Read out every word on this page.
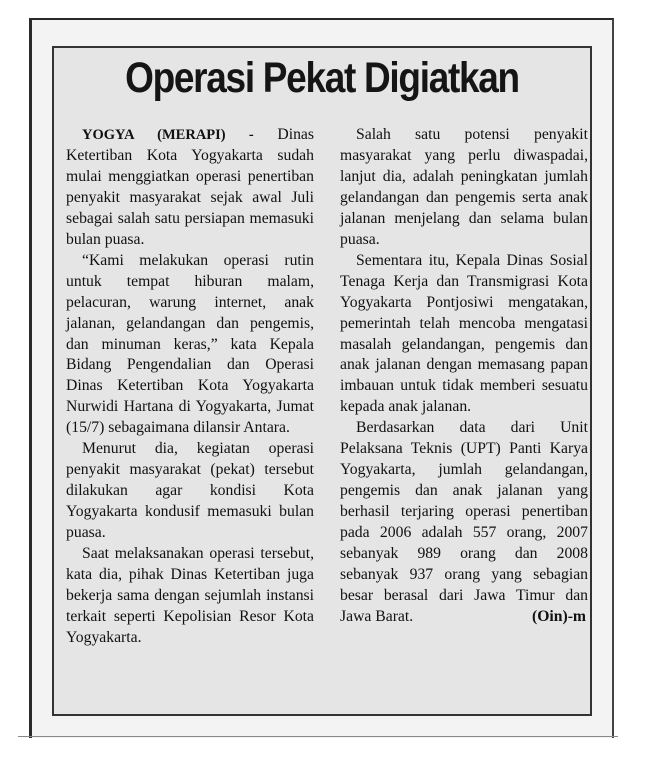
Operasi Pekat Digiatkan

YOGYA (MERAPI) - Dinas Ketertiban Kota Yogyakarta sudah mulai menggiatkan operasi penertiban penyakit masyarakat sejak awal Juli sebagai salah satu persiapan memasuki bulan puasa.

“Kami melakukan operasi rutin untuk tempat hiburan malam, pelacuran, warung internet, anak jalanan, gelandangan dan pengemis, dan minuman keras,” kata Kepala Bidang Pengendalian dan Operasi Dinas Ketertiban Kota Yogyakarta Nurwidi Hartana di Yogyakarta, Jumat (15/7) sebagaimana dilansir Antara.

Menurut dia, kegiatan operasi penyakit masyarakat (pekat) tersebut dilakukan agar kondisi Kota Yogyakarta kondusif memasuki bulan puasa.

Saat melaksanakan operasi tersebut, kata dia, pihak Dinas Ketertiban juga bekerja sama dengan sejumlah instansi terkait seperti Kepolisian Resor Kota Yogyakarta.

Salah satu potensi penyakit masyarakat yang perlu diwaspadai, lanjut dia, adalah peningkatan jumlah gelandangan dan pengemis serta anak jalanan menjelang dan selama bulan puasa.

Sementara itu, Kepala Dinas Sosial Tenaga Kerja dan Transmigrasi Kota Yogyakarta Pontjosiwi mengatakan, pemerintah telah mencoba mengatasi masalah gelandangan, pengemis dan anak jalanan dengan memasang papan imbauan untuk tidak memberi sesuatu kepada anak jalanan.

Berdasarkan data dari Unit Pelaksana Teknis (UPT) Panti Karya Yogyakarta, jumlah gelandangan, pengemis dan anak jalanan yang berhasil terjaring operasi penertiban pada 2006 adalah 557 orang, 2007 sebanyak 989 orang dan 2008 sebanyak 937 orang yang sebagian besar berasal dari Jawa Timur dan Jawa Barat.	(Oin)-m
